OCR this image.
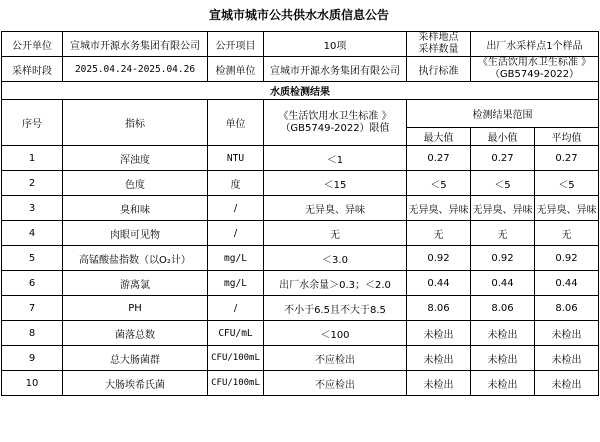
宣城市城市公共供水水质信息公告
公开单位	宣城市开源水务集团有限公司	公开项目	10项	采样地点
采样数量	出厂水采样点1个样品	
采样时段	2025.04.24-2025.04.26	检测单位	宣城市开源水务集团有限公司	执行标准	《生活饮用水卫生标准 》
（GB5749-2022）	
水质检测结果						
序号	指标	单位	《生活饮用水卫生标准 》
（GB5749-2022）限值	检测结果范围		
				最大值	最小值	平均值
1	浑浊度	NTU	＜1	0.27	0.27	0.27
2	色度	度	＜15	＜5	＜5	＜5
3	臭和味	/	无异臭、异味	无异臭、异味	无异臭、异味	无异臭、异味
4	肉眼可见物	/	无	无	无	无
5	高锰酸盐指数（以O₂计）	mg/L	＜3.0	0.92	0.92	0.92
6	游离氯	mg/L	出厂水余量＞0.3；＜2.0	0.44	0.44	0.44
7	PH	/	不小于6.5且不大于8.5	8.06	8.06	8.06
8	菌落总数	CFU/mL	＜100	未检出	未检出	未检出
9	总大肠菌群	CFU/100mL	不应检出	未检出	未检出	未检出
10	大肠埃希氏菌	CFU/100mL	不应检出	未检出	未检出	未检出
